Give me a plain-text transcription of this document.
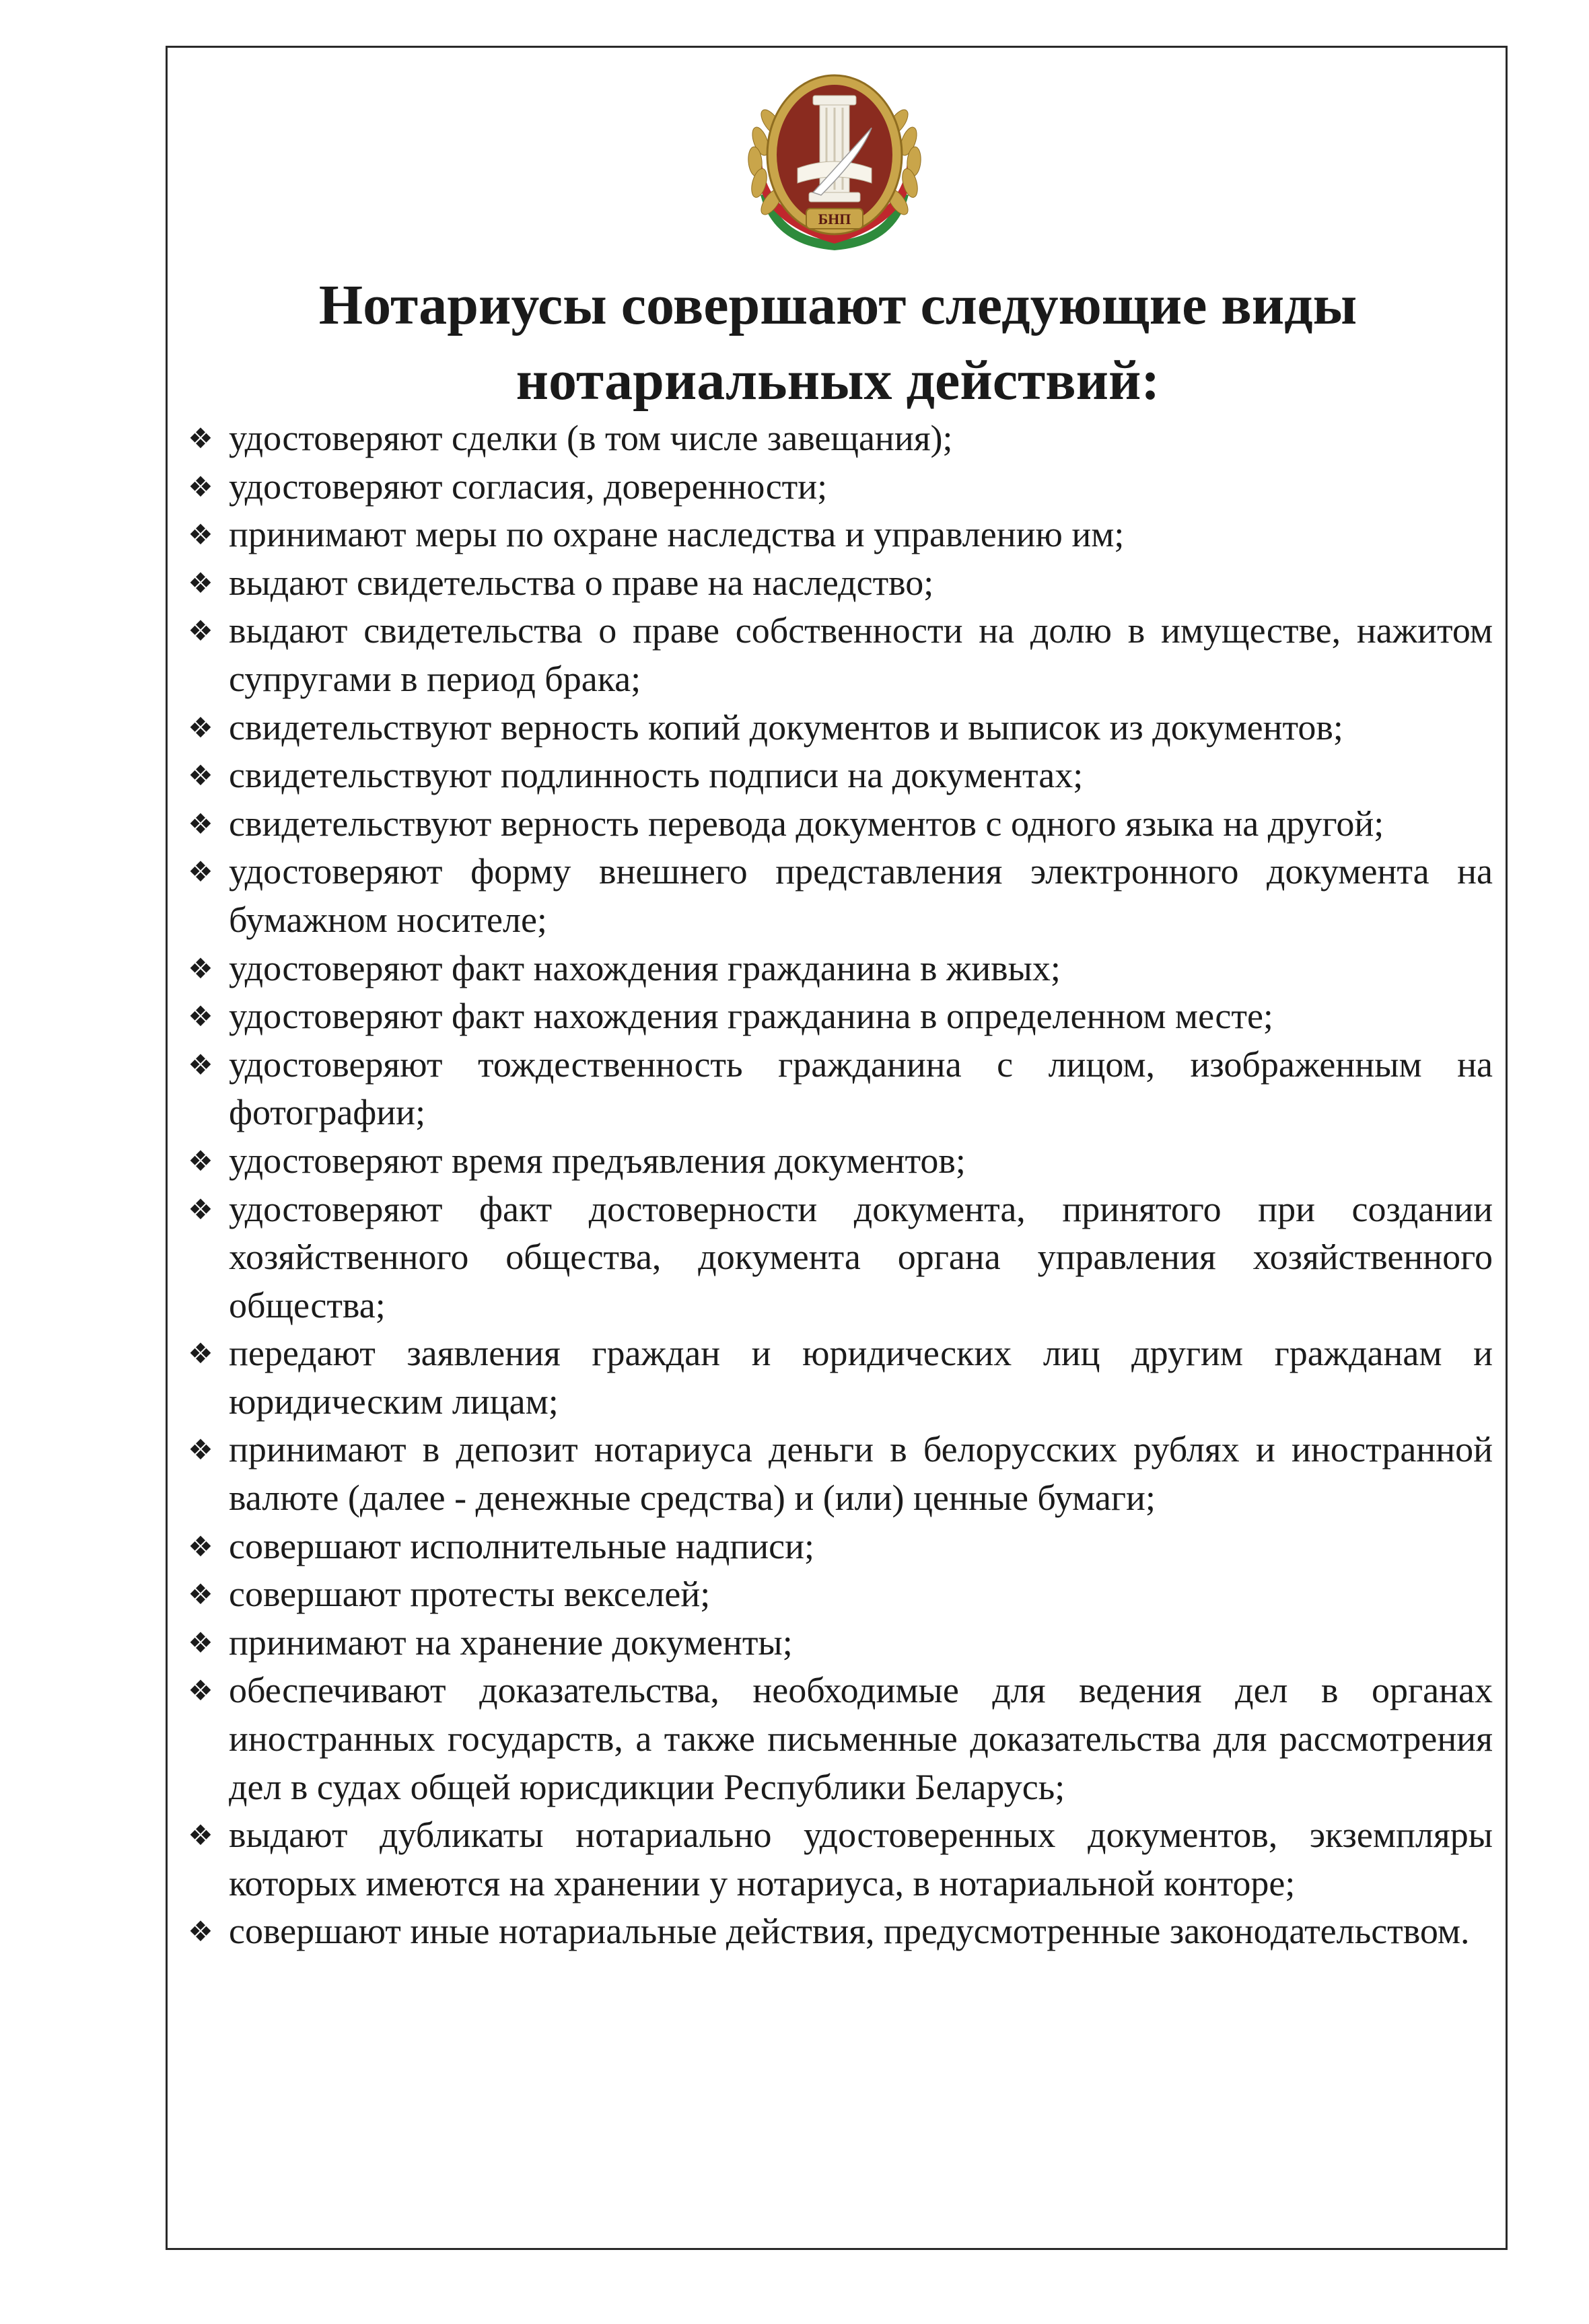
БНП
Нотариусы совершают следующие виды
нотариальных действий:
❖ удостоверяют сделки (в том числе завещания);
❖ удостоверяют согласия, доверенности;
❖ принимают меры по охране наследства и управлению им;
❖ выдают свидетельства о праве на наследство;
❖ выдают свидетельства о праве собственности на долю в имуществе, нажитом супругами в период брака;
❖ свидетельствуют верность копий документов и выписок из документов;
❖ свидетельствуют подлинность подписи на документах;
❖ свидетельствуют верность перевода документов с одного языка на другой;
❖ удостоверяют форму внешнего представления электронного документа на бумажном носителе;
❖ удостоверяют факт нахождения гражданина в живых;
❖ удостоверяют факт нахождения гражданина в определенном месте;
❖ удостоверяют тождественность гражданина с лицом, изображенным на фотографии;
❖ удостоверяют время предъявления документов;
❖ удостоверяют факт достоверности документа, принятого при создании хозяйственного общества, документа органа управления хозяйственного общества;
❖ передают заявления граждан и юридических лиц другим гражданам и юридическим лицам;
❖ принимают в депозит нотариуса деньги в белорусских рублях и иностранной валюте (далее - денежные средства) и (или) ценные бумаги;
❖ совершают исполнительные надписи;
❖ совершают протесты векселей;
❖ принимают на хранение документы;
❖ обеспечивают доказательства, необходимые для ведения дел в органах иностранных государств, а также письменные доказательства для рассмотрения дел в судах общей юрисдикции Республики Беларусь;
❖ выдают дубликаты нотариально удостоверенных документов, экземпляры которых имеются на хранении у нотариуса, в нотариальной конторе;
❖ совершают иные нотариальные действия, предусмотренные законодательством.
